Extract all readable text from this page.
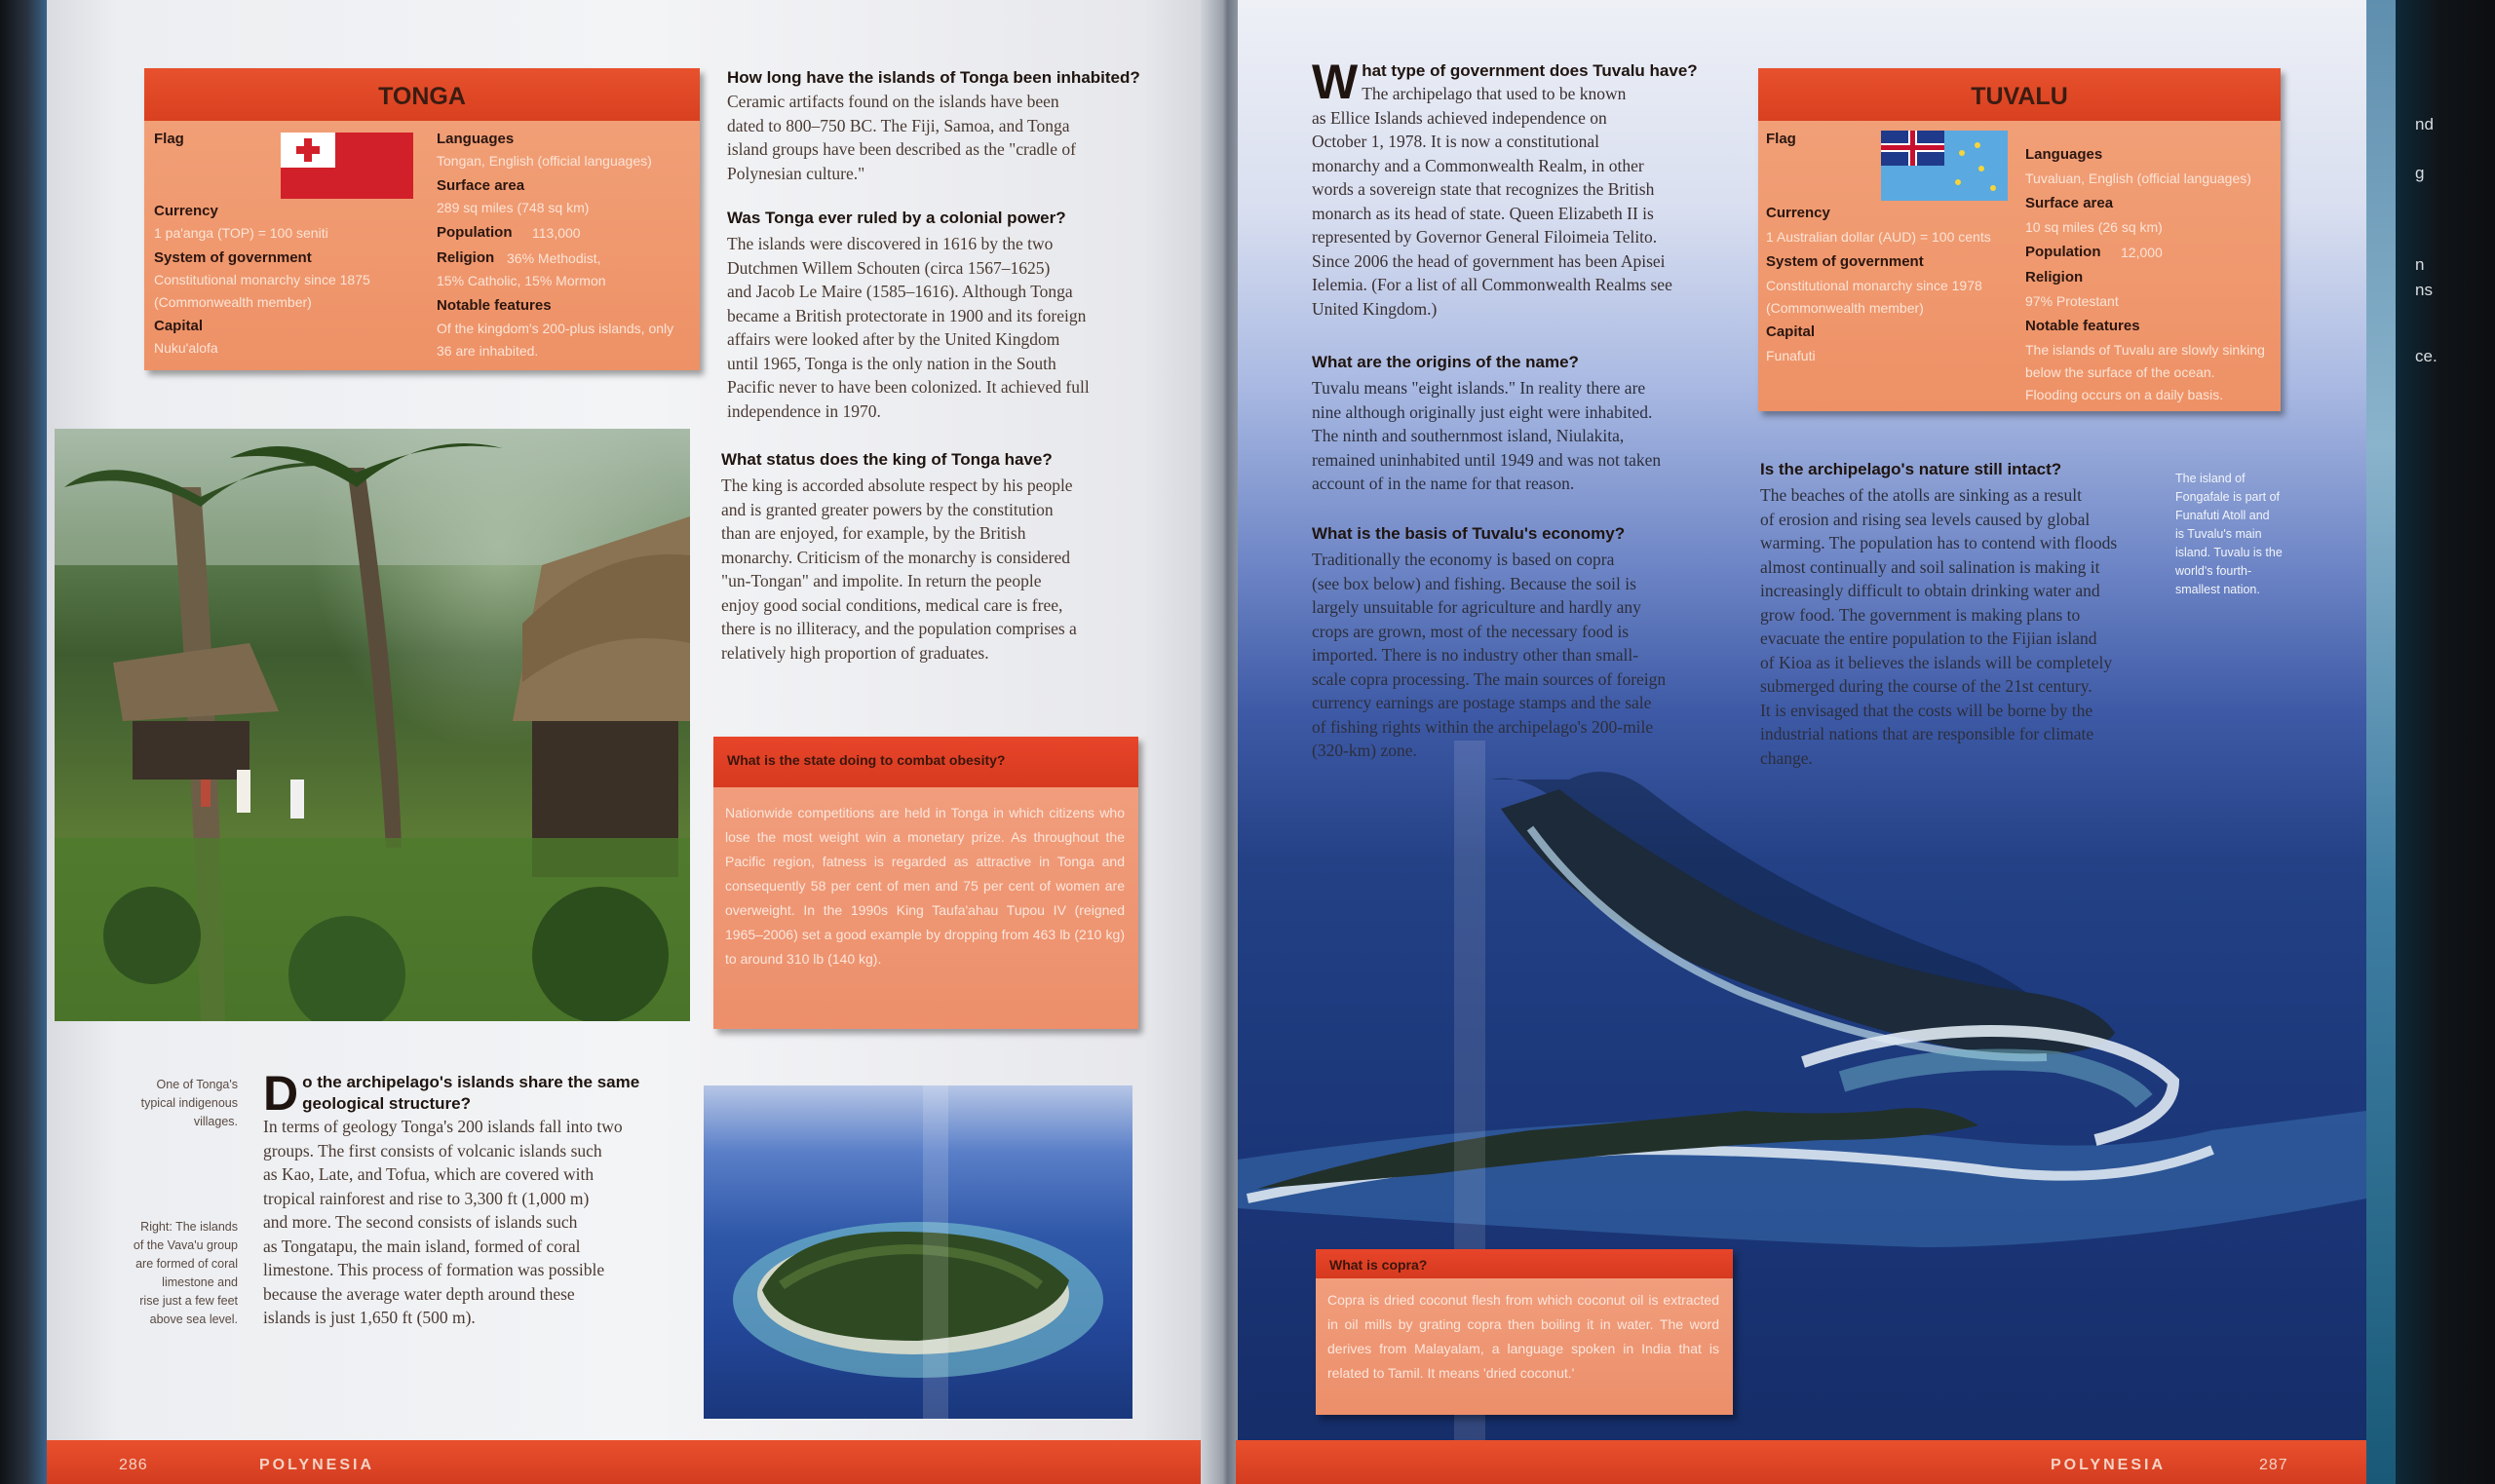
nd
g
n
ns
ce.
TONGA
Flag
Currency
1 pa'anga (TOP) = 100 seniti
System of government
Constitutional monarchy since 1875
(Commonwealth member)
Capital
Nuku'alofa
Languages
Tongan, English (official languages)
Surface area
289 sq miles (748 sq km)
Population 113,000
Religion 36% Methodist,
15% Catholic, 15% Mormon
Notable features
Of the kingdom's 200-plus islands, only
36 are inhabited.
How long have the islands of Tonga been inhabited?
Ceramic artifacts found on the islands have been
dated to 800–750 BC. The Fiji, Samoa, and Tonga
island groups have been described as the "cradle of
Polynesian culture."
Was Tonga ever ruled by a colonial power?
The islands were discovered in 1616 by the two
Dutchmen Willem Schouten (circa 1567–1625)
and Jacob Le Maire (1585–1616). Although Tonga
became a British protectorate in 1900 and its foreign
affairs were looked after by the United Kingdom
until 1965, Tonga is the only nation in the South
Pacific never to have been colonized. It achieved full
independence in 1970.
What status does the king of Tonga have?
The king is accorded absolute respect by his people
and is granted greater powers by the constitution
than are enjoyed, for example, by the British
monarchy. Criticism of the monarchy is considered
"un-Tongan" and impolite. In return the people
enjoy good social conditions, medical care is free,
there is no illiteracy, and the population comprises a
relatively high proportion of graduates.
What is the state doing to combat obesity?
Nationwide competitions are held in Tonga in which citizens who lose the most weight win a monetary prize. As throughout the Pacific region, fatness is regarded as attractive in Tonga and consequently 58 per cent of men and 75 per cent of women are overweight. In the 1990s King Taufa'ahau Tupou IV (reigned 1965–2006) set a good example by dropping from 463 lb (210 kg) to around 310 lb (140 kg).
One of Tonga's
typical indigenous
villages.
Right: The islands
of the Vava'u group
are formed of coral
limestone and
rise just a few feet
above sea level.
D o the archipelago's islands share the same
geological structure?
In terms of geology Tonga's 200 islands fall into two
groups. The first consists of volcanic islands such
as Kao, Late, and Tofua, which are covered with
tropical rainforest and rise to 3,300 ft (1,000 m)
and more. The second consists of islands such
as Tongatapu, the main island, formed of coral
limestone. This process of formation was possible
because the average water depth around these
islands is just 1,650 ft (500 m).
286	POLYNESIA
W hat type of government does Tuvalu have?
The archipelago that used to be known
as Ellice Islands achieved independence on
October 1, 1978. It is now a constitutional
monarchy and a Commonwealth Realm, in other
words a sovereign state that recognizes the British
monarch as its head of state. Queen Elizabeth II is
represented by Governor General Filoimeia Telito.
Since 2006 the head of government has been Apisei
Ielemia. (For a list of all Commonwealth Realms see
United Kingdom.)
What are the origins of the name?
Tuvalu means "eight islands." In reality there are
nine although originally just eight were inhabited.
The ninth and southernmost island, Niulakita,
remained uninhabited until 1949 and was not taken
account of in the name for that reason.
What is the basis of Tuvalu's economy?
Traditionally the economy is based on copra
(see box below) and fishing. Because the soil is
largely unsuitable for agriculture and hardly any
crops are grown, most of the necessary food is
imported. There is no industry other than small-
scale copra processing. The main sources of foreign
currency earnings are postage stamps and the sale
of fishing rights within the archipelago's 200-mile
(320-km) zone.
TUVALU
Flag
Currency
1 Australian dollar (AUD) = 100 cents
System of government
Constitutional monarchy since 1978
(Commonwealth member)
Capital
Funafuti
Languages
Tuvaluan, English (official languages)
Surface area
10 sq miles (26 sq km)
Population 12,000
Religion
97% Protestant
Notable features
The islands of Tuvalu are slowly sinking
below the surface of the ocean.
Flooding occurs on a daily basis.
Is the archipelago's nature still intact?
The beaches of the atolls are sinking as a result
of erosion and rising sea levels caused by global
warming. The population has to contend with floods
almost continually and soil salination is making it
increasingly difficult to obtain drinking water and
grow food. The government is making plans to
evacuate the entire population to the Fijian island
of Kioa as it believes the islands will be completely
submerged during the course of the 21st century.
It is envisaged that the costs will be borne by the
industrial nations that are responsible for climate
change.
The island of
Fongafale is part of
Funafuti Atoll and
is Tuvalu's main
island. Tuvalu is the
world's fourth-
smallest nation.
What is copra?
Copra is dried coconut flesh from which coconut oil is extracted in oil mills by grating copra then boiling it in water. The word derives from Malayalam, a language spoken in India that is related to Tamil. It means 'dried coconut.'
POLYNESIA	287
